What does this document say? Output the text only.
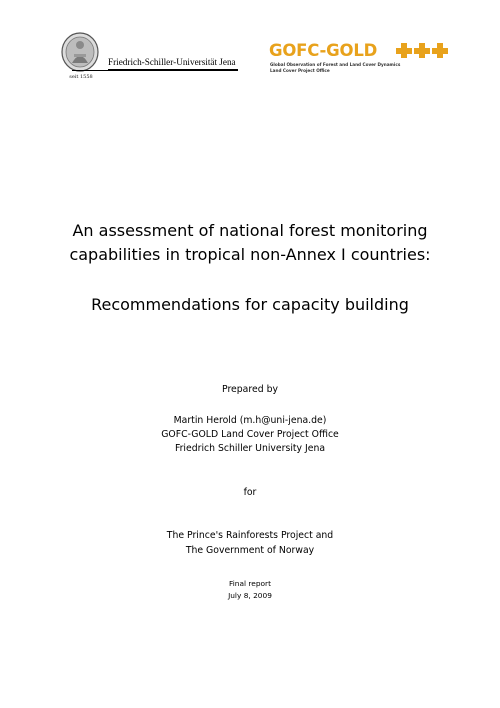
seit 1558
Friedrich-Schiller-Universität Jena
GOFC-GOLD
Global Observation of Forest and Land Cover Dynamics
Land Cover Project Office
An assessment of national forest monitoring
capabilities in tropical non-Annex I countries:
Recommendations for capacity building
Prepared by
Martin Herold (m.h@uni-jena.de)
GOFC-GOLD Land Cover Project Office
Friedrich Schiller University Jena
for
The Prince's Rainforests Project and
The Government of Norway
Final report
July 8, 2009
